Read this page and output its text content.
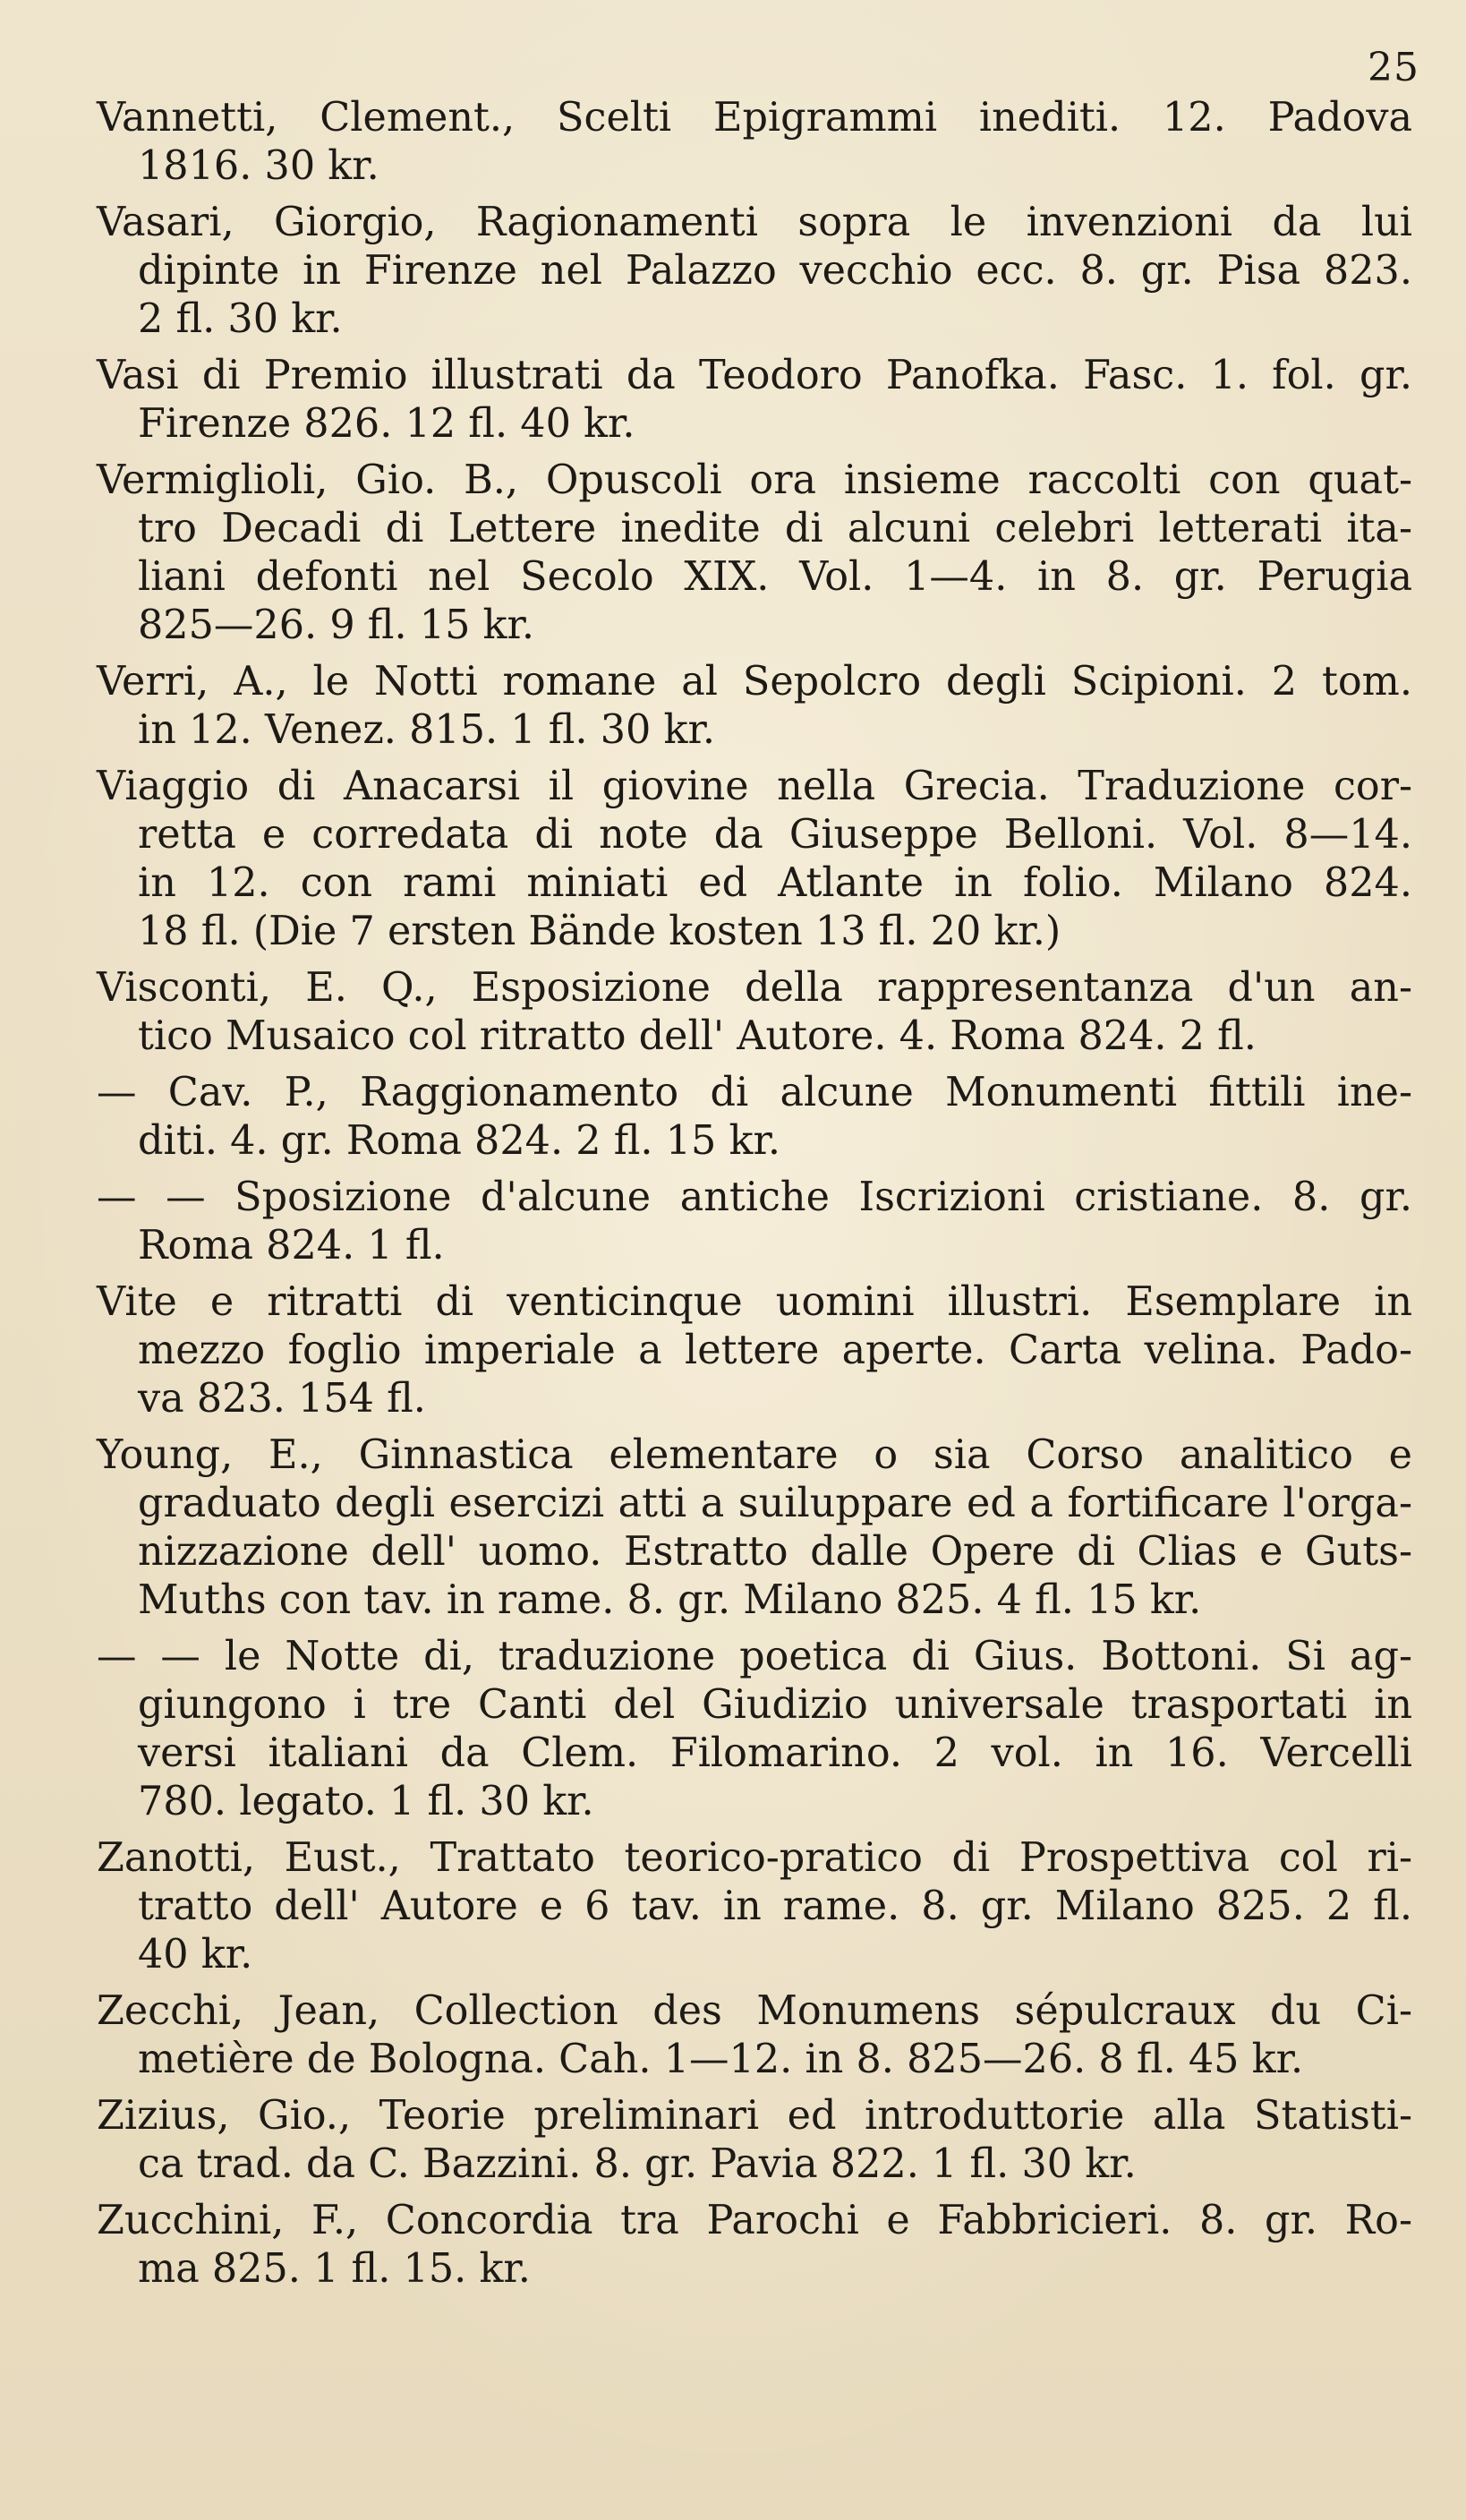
25
Vannetti, Clement., Scelti Epigrammi inediti. 12. Padova
1816. 30 kr.
Vasari, Giorgio, Ragionamenti sopra le invenzioni da lui
dipinte in Firenze nel Palazzo vecchio ecc. 8. gr. Pisa 823.
2 fl. 30 kr.
Vasi di Premio illustrati da Teodoro Panofka. Fasc. 1. fol. gr.
Firenze 826. 12 fl. 40 kr.
Vermiglioli, Gio. B., Opuscoli ora insieme raccolti con quat-
tro Decadi di Lettere inedite di alcuni celebri letterati ita-
liani defonti nel Secolo XIX. Vol. 1—4. in 8. gr. Perugia
825—26. 9 fl. 15 kr.
Verri, A., le Notti romane al Sepolcro degli Scipioni. 2 tom.
in 12. Venez. 815. 1 fl. 30 kr.
Viaggio di Anacarsi il giovine nella Grecia. Traduzione cor-
retta e corredata di note da Giuseppe Belloni. Vol. 8—14.
in 12. con rami miniati ed Atlante in folio. Milano 824.
18 fl. (Die 7 ersten Bände kosten 13 fl. 20 kr.)
Visconti, E. Q., Esposizione della rappresentanza d'un an-
tico Musaico col ritratto dell' Autore. 4. Roma 824. 2 fl.
— Cav. P., Raggionamento di alcune Monumenti fittili ine-
diti. 4. gr. Roma 824. 2 fl. 15 kr.
— — Sposizione d'alcune antiche Iscrizioni cristiane. 8. gr.
Roma 824. 1 fl.
Vite e ritratti di venticinque uomini illustri. Esemplare in
mezzo foglio imperiale a lettere aperte. Carta velina. Pado-
va 823. 154 fl.
Young, E., Ginnastica elementare o sia Corso analitico e
graduato degli esercizi atti a suiluppare ed a fortificare l'orga-
nizzazione dell' uomo. Estratto dalle Opere di Clias e Guts-
Muths con tav. in rame. 8. gr. Milano 825. 4 fl. 15 kr.
— — le Notte di, traduzione poetica di Gius. Bottoni. Si ag-
giungono i tre Canti del Giudizio universale trasportati in
versi italiani da Clem. Filomarino. 2 vol. in 16. Vercelli
780. legato. 1 fl. 30 kr.
Zanotti, Eust., Trattato teorico-pratico di Prospettiva col ri-
tratto dell' Autore e 6 tav. in rame. 8. gr. Milano 825. 2 fl.
40 kr.
Zecchi, Jean, Collection des Monumens sépulcraux du Ci-
metière de Bologna. Cah. 1—12. in 8. 825—26. 8 fl. 45 kr.
Zizius, Gio., Teorie preliminari ed introduttorie alla Statisti-
ca trad. da C. Bazzini. 8. gr. Pavia 822. 1 fl. 30 kr.
Zucchini, F., Concordia tra Parochi e Fabbricieri. 8. gr. Ro-
ma 825. 1 fl. 15. kr.
